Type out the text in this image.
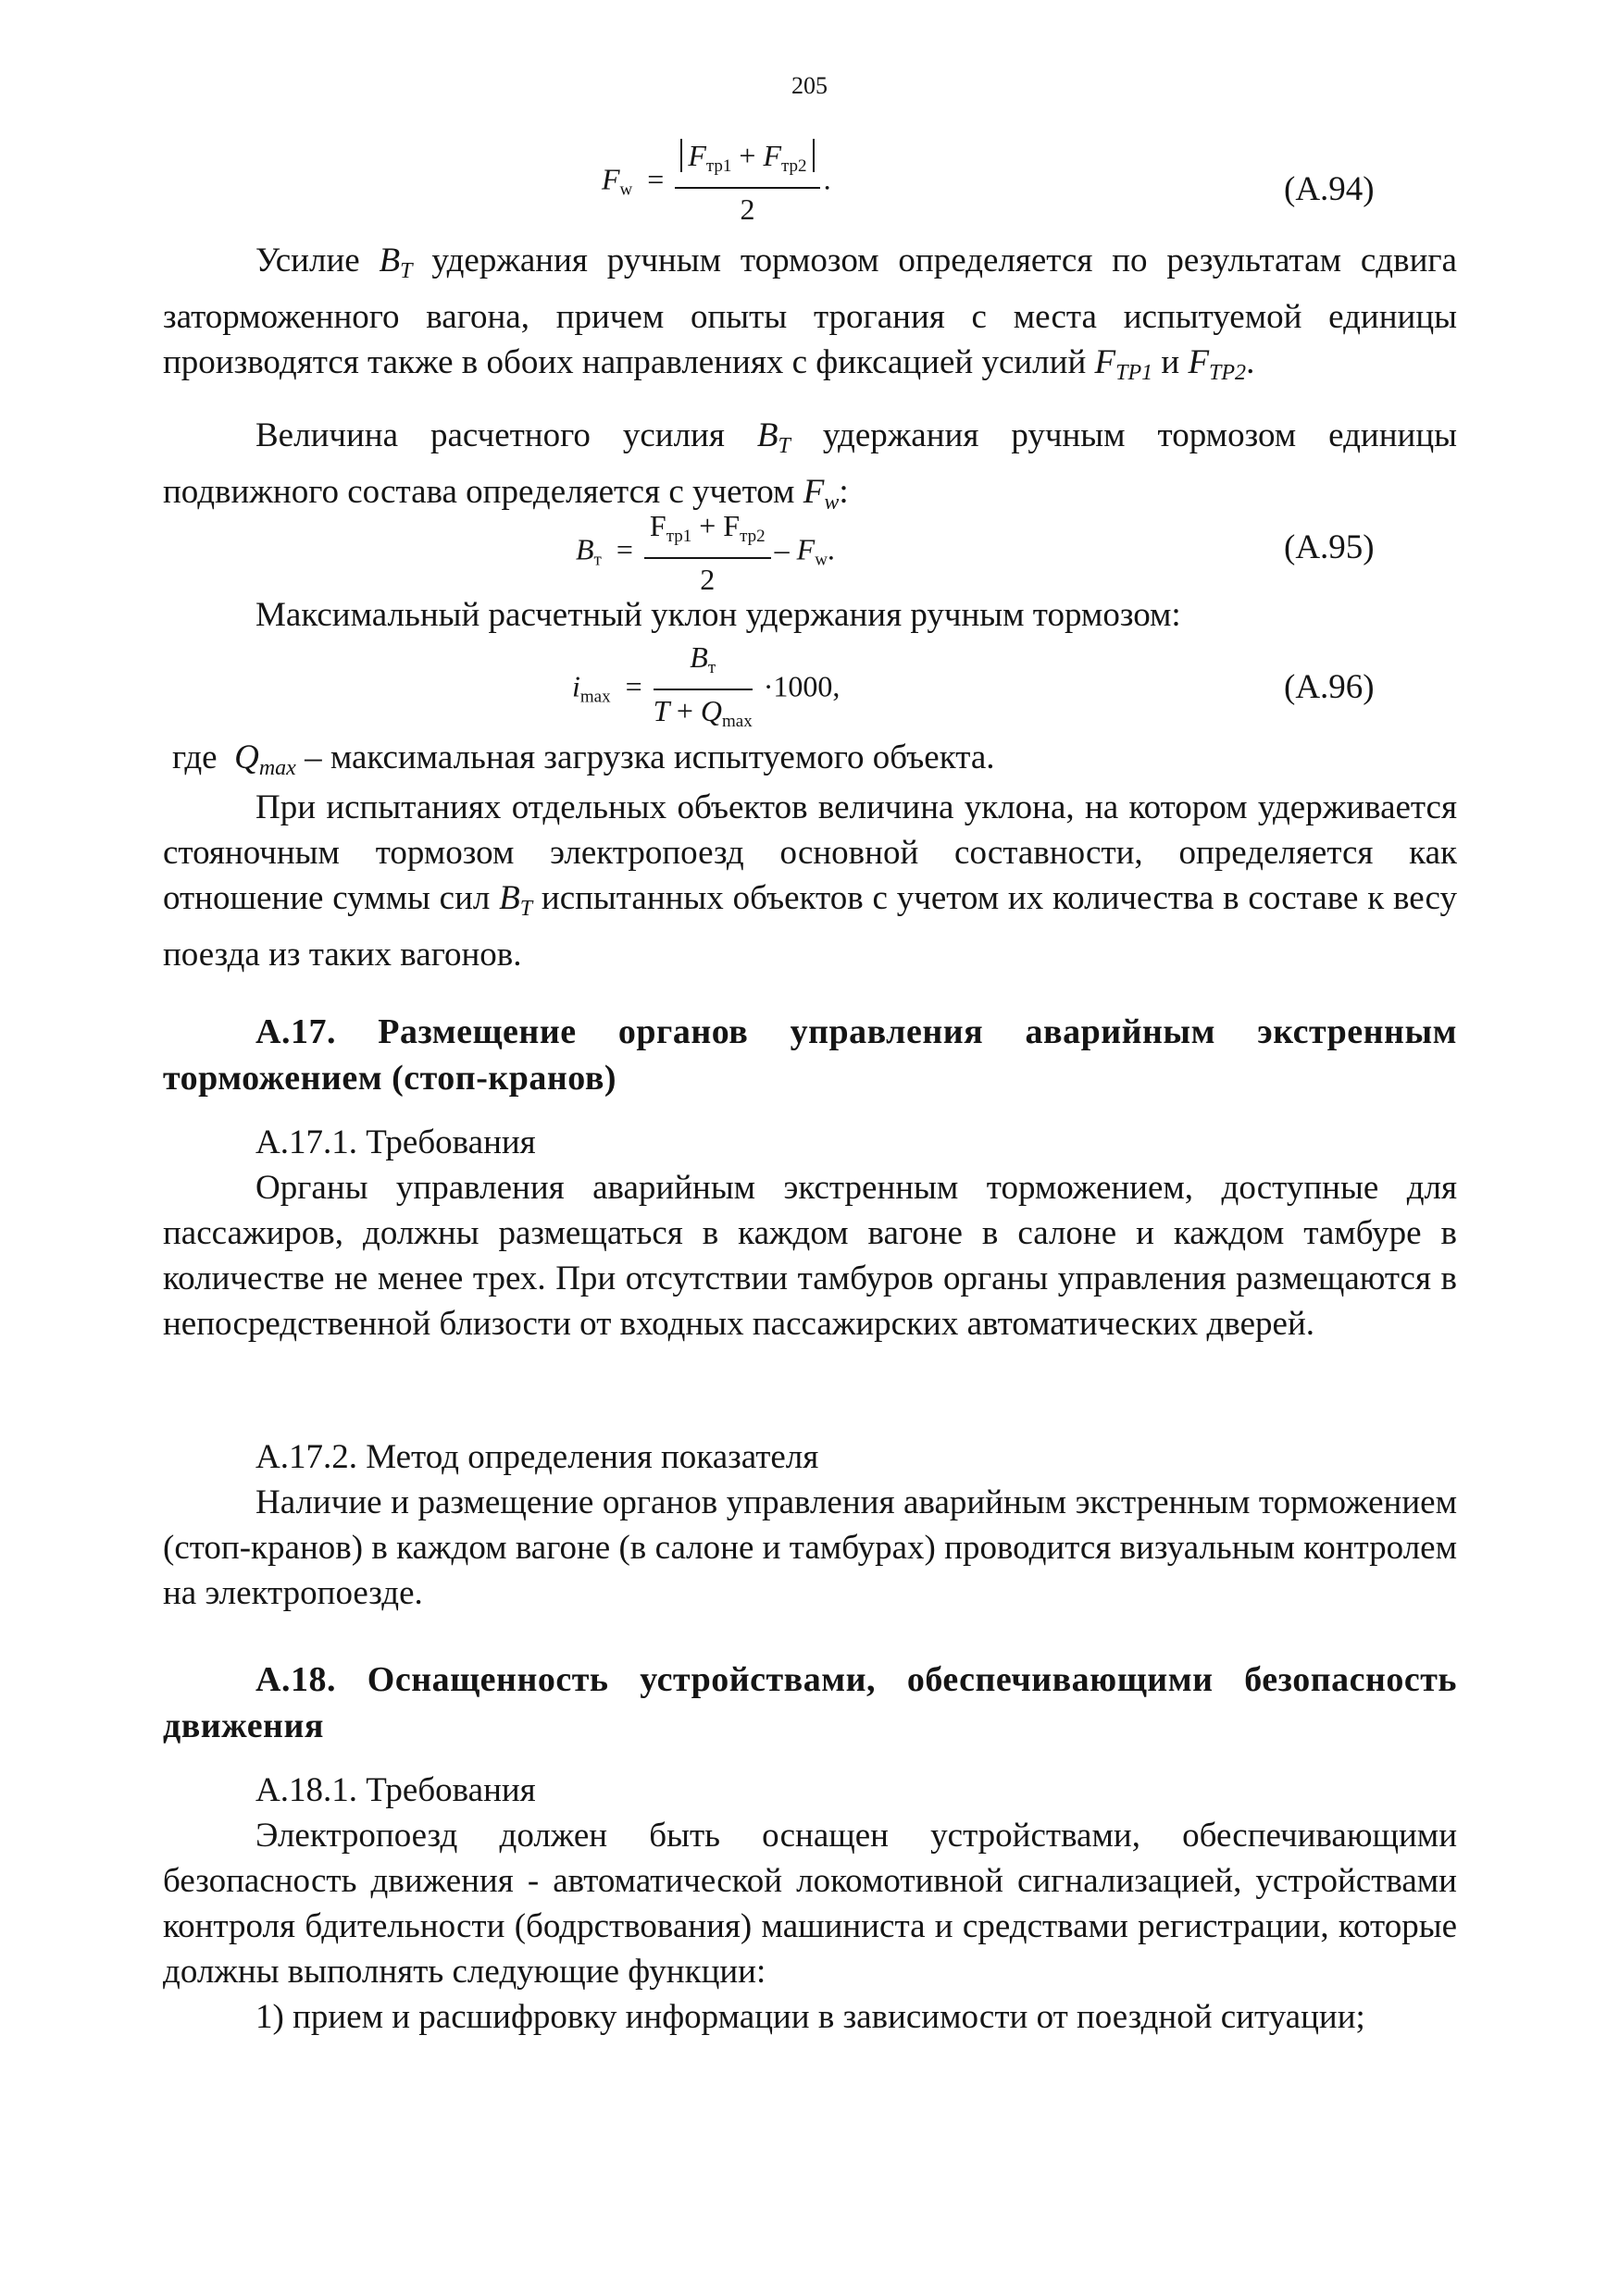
205
$F_w = \frac{F_{тр1} + F_{тр2}}{2}$ .	(А.94)

Усилие BT удержания ручным тормозом определяется по результатам сдвига заторможенного вагона, причем опыты трогания с места испытуемой единицы производятся также в обоих направлениях с фиксацией усилий FTP1 и FTP2.

Величина расчетного усилия BT удержания ручным тормозом единицы подвижного состава определяется с учетом Fw:

$B_т = \frac{F_{тр1} + F_{тр2}}{2} - F_w$.	(А.95)

Максимальный расчетный уклон удержания ручным тормозом:

$i_{max} = \frac{B_т}{T + Q_{max}} \cdot 1000$,	(А.96)

где  Qmax – максимальная загрузка испытуемого объекта.

При испытаниях отдельных объектов величина уклона, на котором удерживается стояночным тормозом электропоезд основной составности, определяется как отношение суммы сил BT испытанных объектов с учетом их количества в составе к весу поезда из таких вагонов.

А.17. Размещение органов управления аварийным экстренным торможением (стоп-кранов)

А.17.1. Требования

Органы управления аварийным экстренным торможением, доступные для пассажиров, должны размещаться в каждом вагоне в салоне и каждом тамбуре в количестве не менее трех. При отсутствии тамбуров органы управления размещаются в непосредственной близости от входных пассажирских автоматических дверей.

А.17.2. Метод определения показателя

Наличие и размещение органов управления аварийным экстренным торможением (стоп-кранов) в каждом вагоне (в салоне и тамбурах) проводится визуальным контролем на электропоезде.

А.18. Оснащенность устройствами, обеспечивающими безопасность движения

А.18.1. Требования

Электропоезд должен быть оснащен устройствами, обеспечивающими безопасность движения - автоматической локомотивной сигнализацией, устройствами контроля бдительности (бодрствования) машиниста и средствами регистрации, которые должны выполнять следующие функции:

1) прием и расшифровку информации в зависимости от поездной ситуации;
